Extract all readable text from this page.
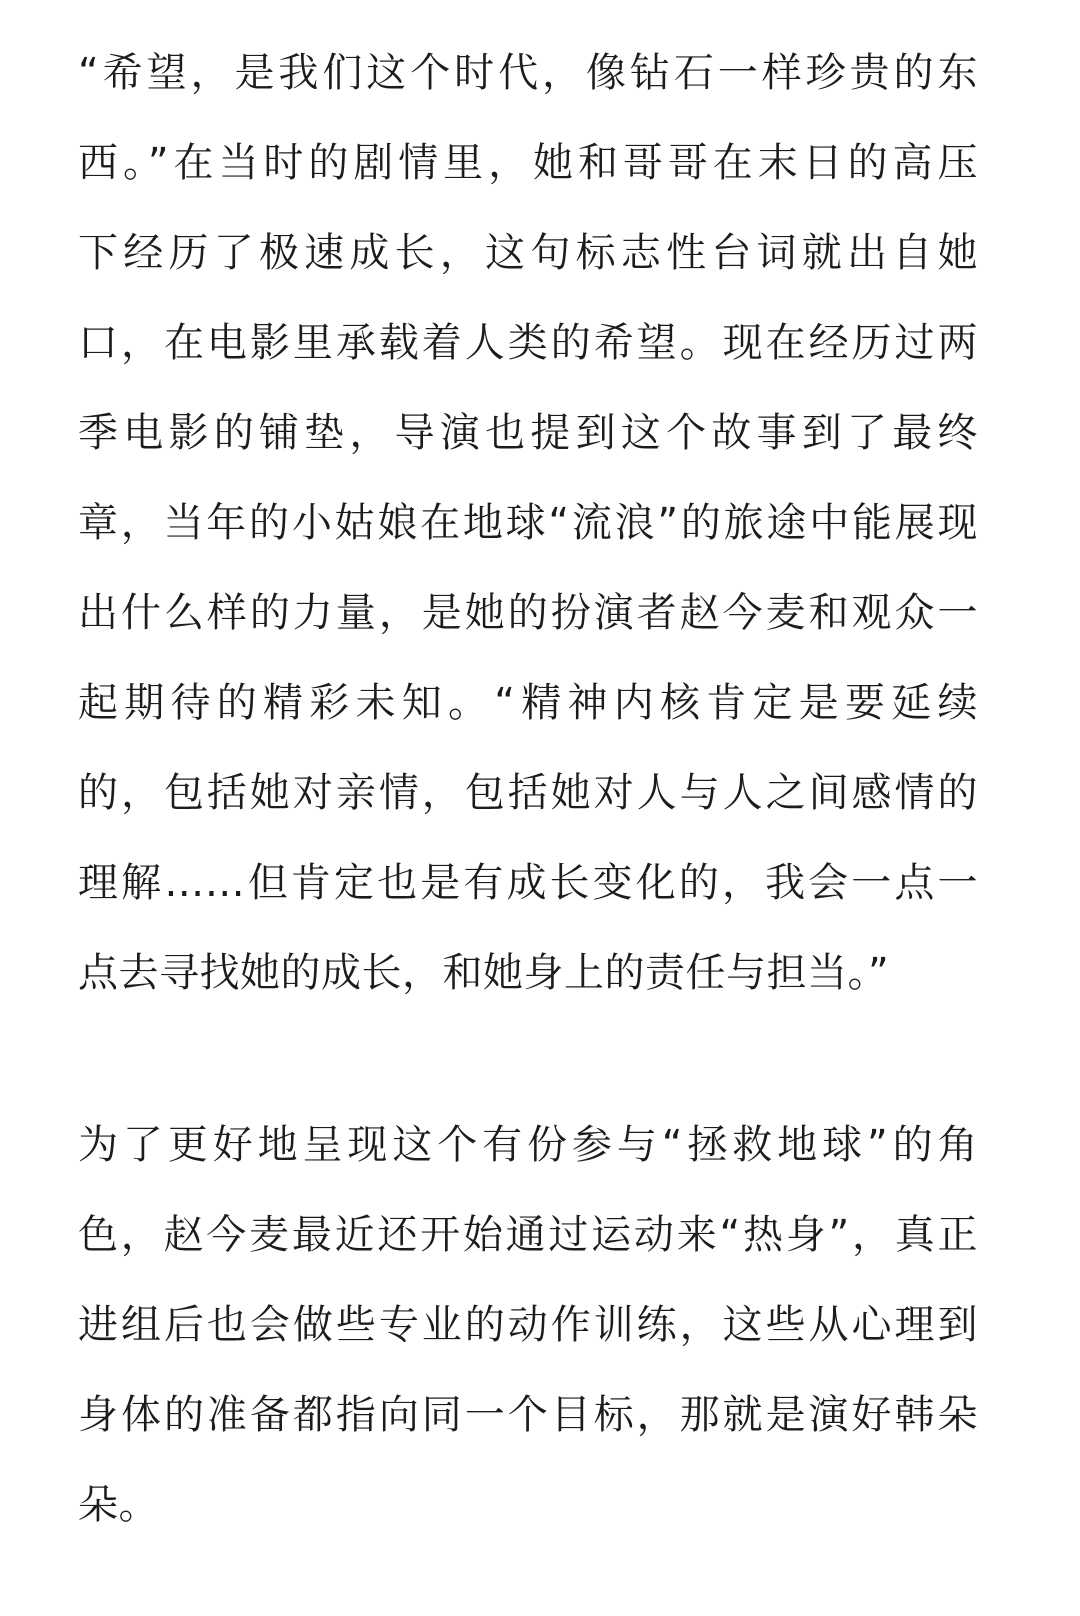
“希望，是我们这个时代，像钻石一样珍贵的东
西。”在当时的剧情里，她和哥哥在末日的高压
下经历了极速成长，这句标志性台词就出自她
口，在电影里承载着人类的希望。现在经历过两
季电影的铺垫，导演也提到这个故事到了最终
章，当年的小姑娘在地球“流浪”的旅途中能展现
出什么样的力量，是她的扮演者赵今麦和观众一
起期待的精彩未知。“精神内核肯定是要延续
的，包括她对亲情，包括她对人与人之间感情的
理解……但肯定也是有成长变化的，我会一点一
点去寻找她的成长，和她身上的责任与担当。”
为了更好地呈现这个有份参与“拯救地球”的角
色，赵今麦最近还开始通过运动来“热身”，真正
进组后也会做些专业的动作训练，这些从心理到
身体的准备都指向同一个目标，那就是演好韩朵
朵。
